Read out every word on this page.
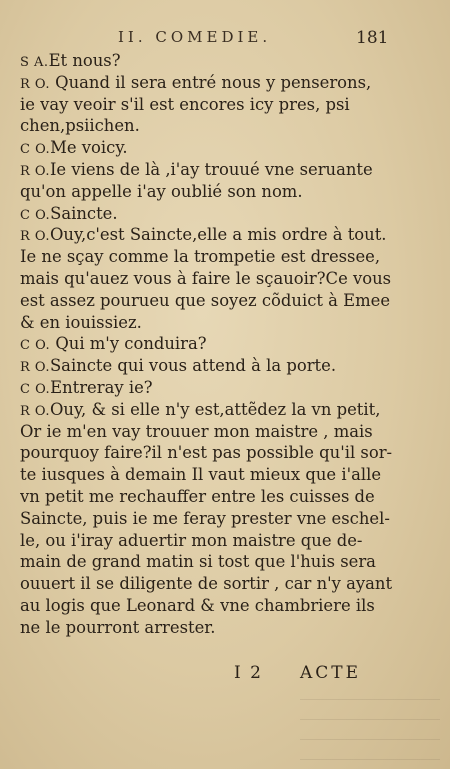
II. COMEDIE.	181
S A.Et nous?
R O. Quand il sera entré nous y penserons,
ie vay veoir s'il est encores icy pres, psi
chen,psiichen.
C O.Me voicy.
R O.Ie viens de là ,i'ay trouué vne seruante
qu'on appelle i'ay oublié son nom.
C O.Saincte.
R O.Ouy,c'est Saincte,elle a mis ordre à tout.
Ie ne sçay comme la trompetie est dressee,
mais qu'auez vous à faire le sçauoir?Ce vous
est assez pourueu que soyez cõduict à Emee
& en iouissiez.
C O. Qui m'y conduira?
R O.Saincte qui vous attend à la porte.
C O.Entreray ie?
R O.Ouy, & si elle n'y est,attẽdez la vn petit,
Or ie m'en vay trouuer mon maistre , mais
pourquoy faire?il n'est pas possible qu'il sor-
te iusques à demain Il vaut mieux que i'alle
vn petit me rechauffer entre les cuisses de
Saincte, puis ie me feray prester vne eschel-
le, ou i'iray aduertir mon maistre que de-
main de grand matin si tost que l'huis sera
ouuert il se diligente de sortir , car n'y ayant
au logis que Leonard & vne chambriere ils
ne le pourront arrester.
I 2 ACTE
